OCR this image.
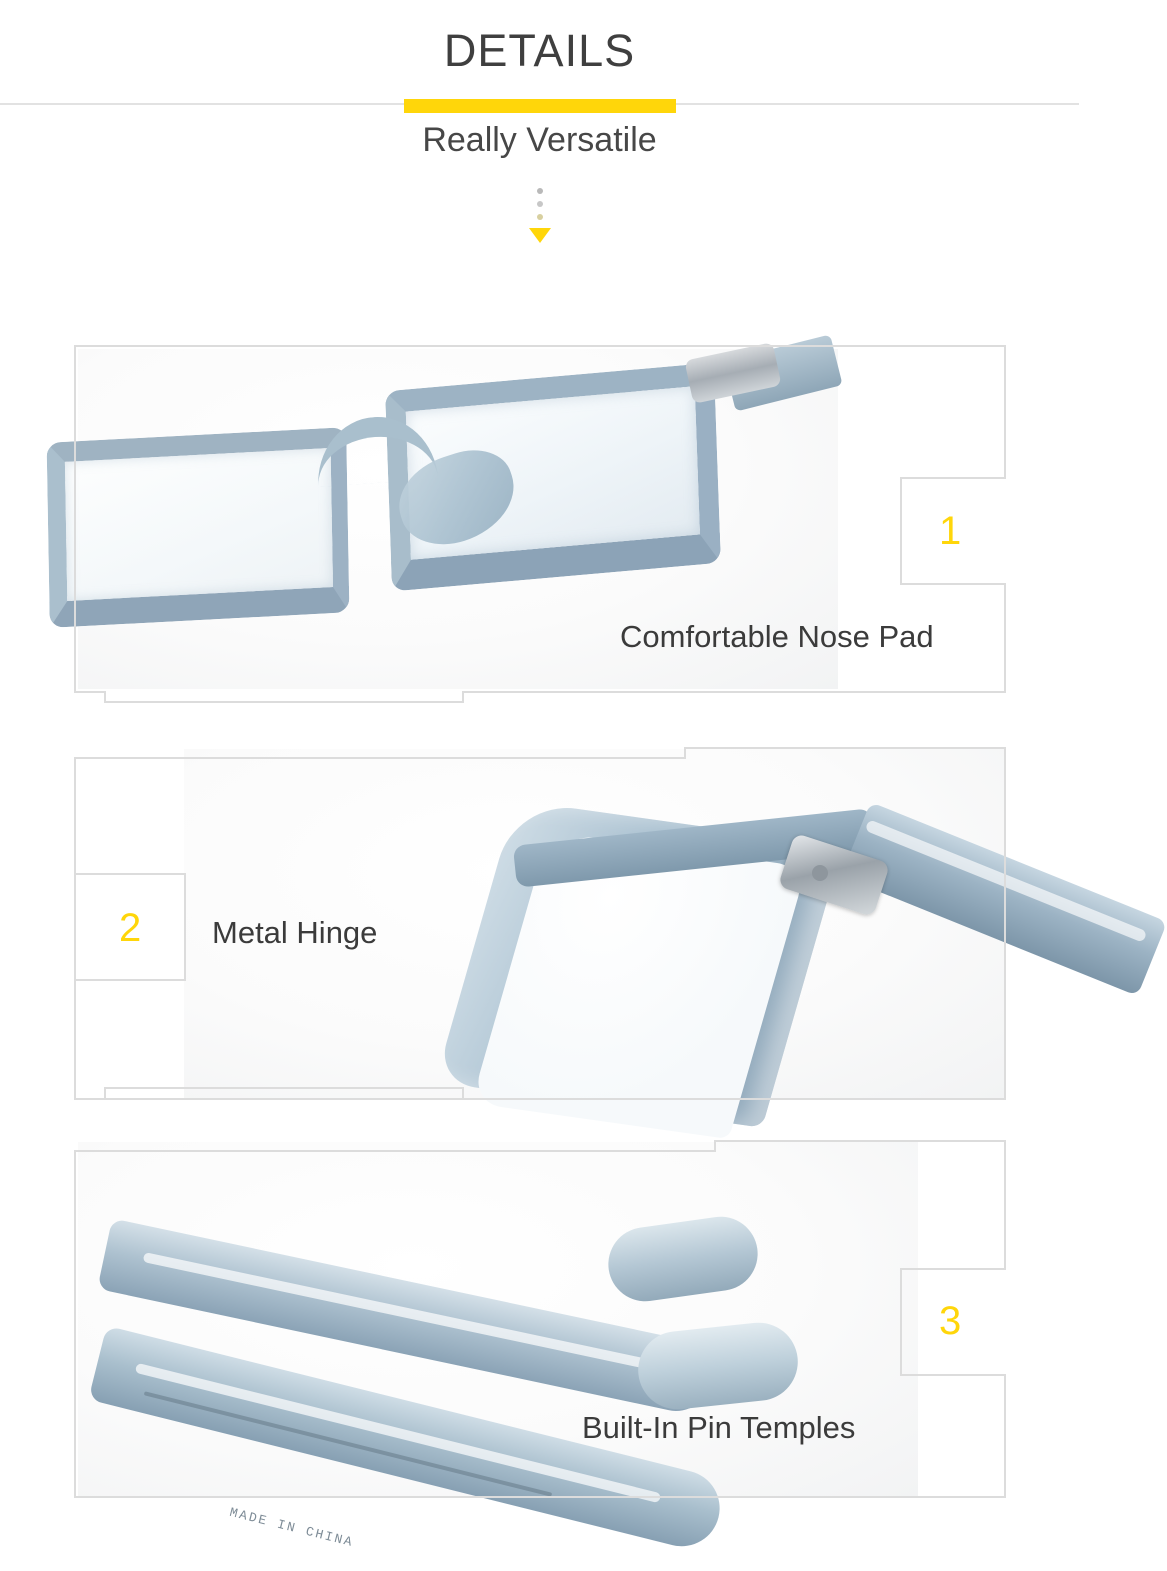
DETAILS
Really Versatile
1
Comfortable Nose Pad
2 Metal Hinge
MADE IN CHINA
3
Built-In Pin Temples
